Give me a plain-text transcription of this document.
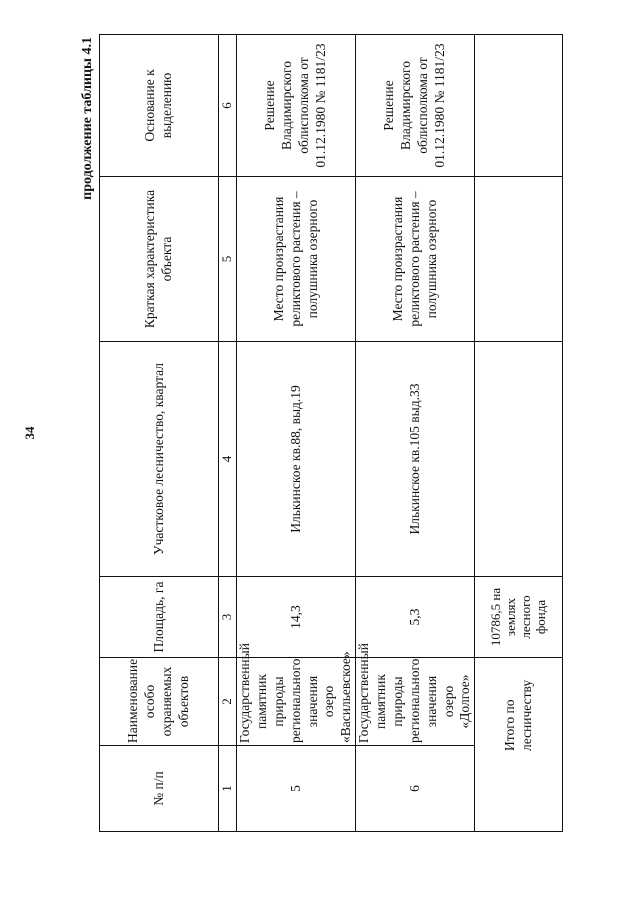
34
продолжение таблицы 4.1
№ п/п	Наименование особо охраняемых объектов	Площадь, га	Участковое лесничество, квартал	Краткая характеристика объекта	Основание к выделению
1	2	3	4	5	6
5	Государственный памятник природы регионального значения озеро «Васильевское»	14,3	Илькинское кв.88, выд.19	Место произрастания реликтового растения – полушника озерного	Решение Владимирского облисполкома от 01.12.1980 № 1181/23
6	Государственный памятник природы регионального значения озеро «Долгое»	5,3	Илькинское кв.105 выд.33	Место произрастания реликтового растения – полушника озерного	Решение Владимирского облисполкома от 01.12.1980 № 1181/23
Итого по лесничеству		10786,5 на землях лесного фонда			
